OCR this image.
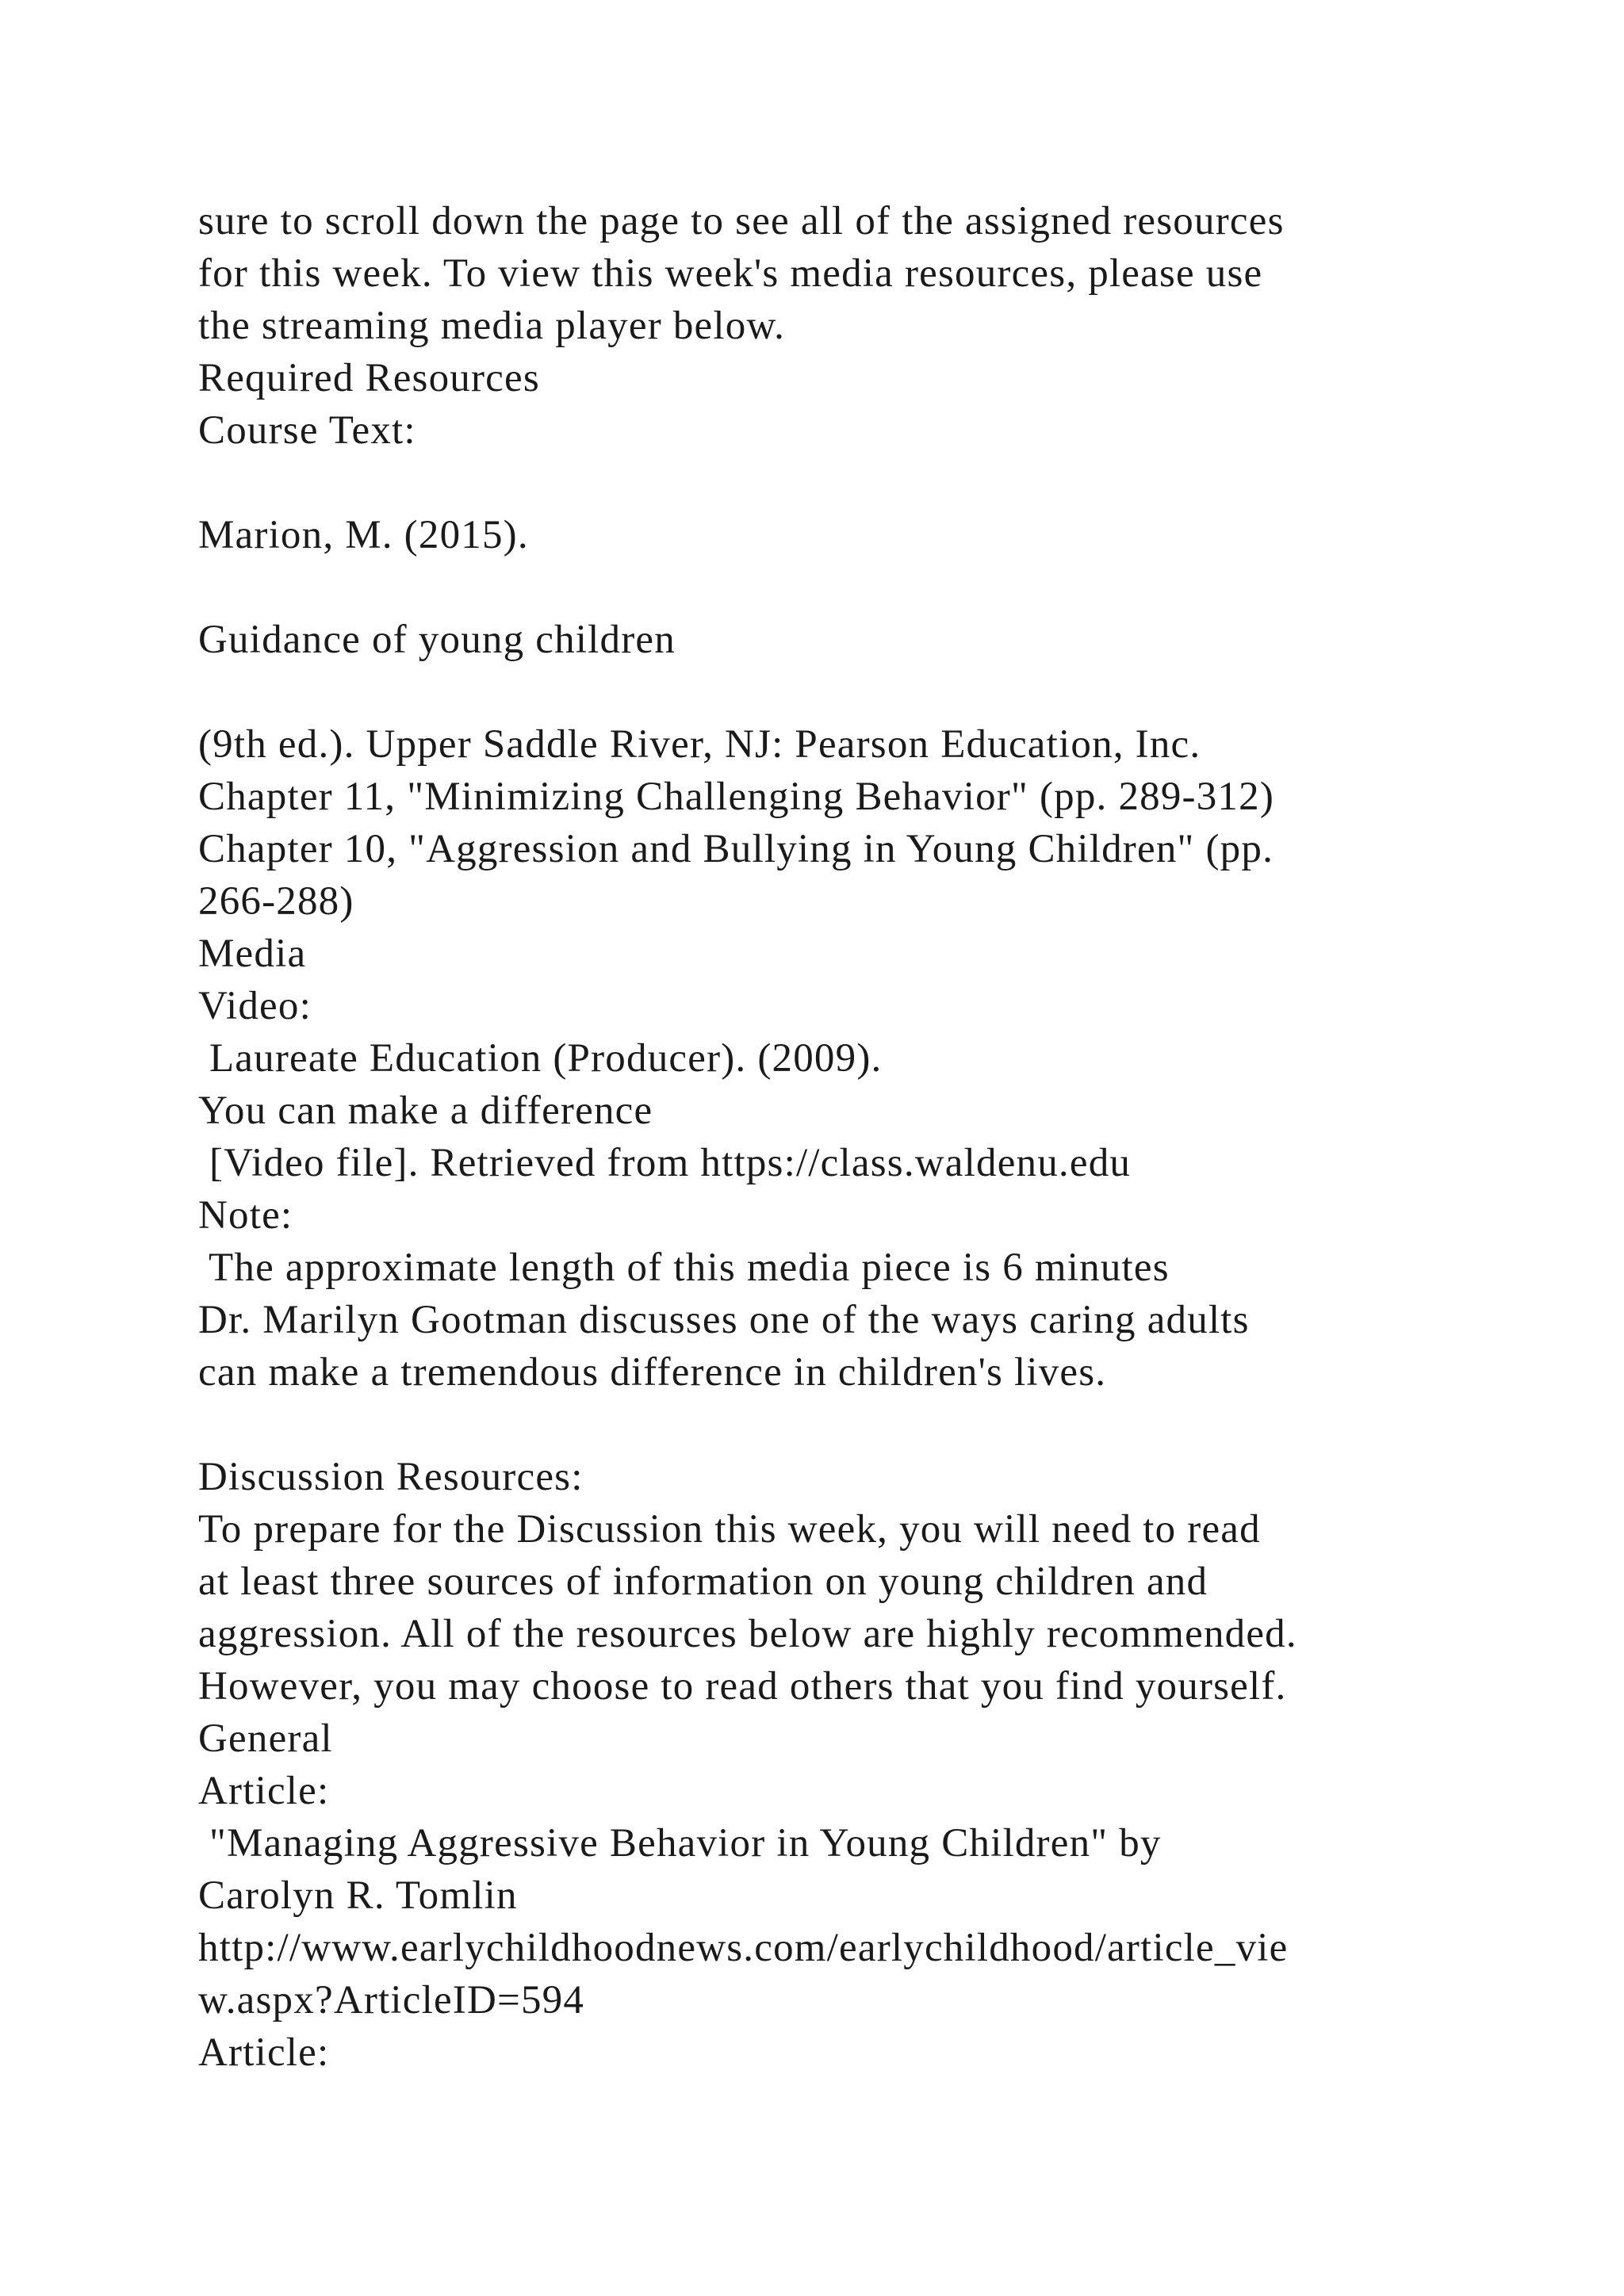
sure to scroll down the page to see all of the assigned resources
for this week. To view this week's media resources, please use
the streaming media player below.
Required Resources
Course Text:
Marion, M. (2015).
Guidance of young children
(9th ed.). Upper Saddle River, NJ: Pearson Education, Inc.
Chapter 11, "Minimizing Challenging Behavior" (pp. 289-312)
Chapter 10, "Aggression and Bullying in Young Children" (pp.
266-288)
Media
Video:
Laureate Education (Producer). (2009).
You can make a difference
[Video file]. Retrieved from https://class.waldenu.edu
Note:
The approximate length of this media piece is 6 minutes
Dr. Marilyn Gootman discusses one of the ways caring adults
can make a tremendous difference in children's lives.
Discussion Resources:
To prepare for the Discussion this week, you will need to read
at least three sources of information on young children and
aggression. All of the resources below are highly recommended.
However, you may choose to read others that you find yourself.
General
Article:
"Managing Aggressive Behavior in Young Children" by
Carolyn R. Tomlin
http://www.earlychildhoodnews.com/earlychildhood/article_vie
w.aspx?ArticleID=594
Article:
